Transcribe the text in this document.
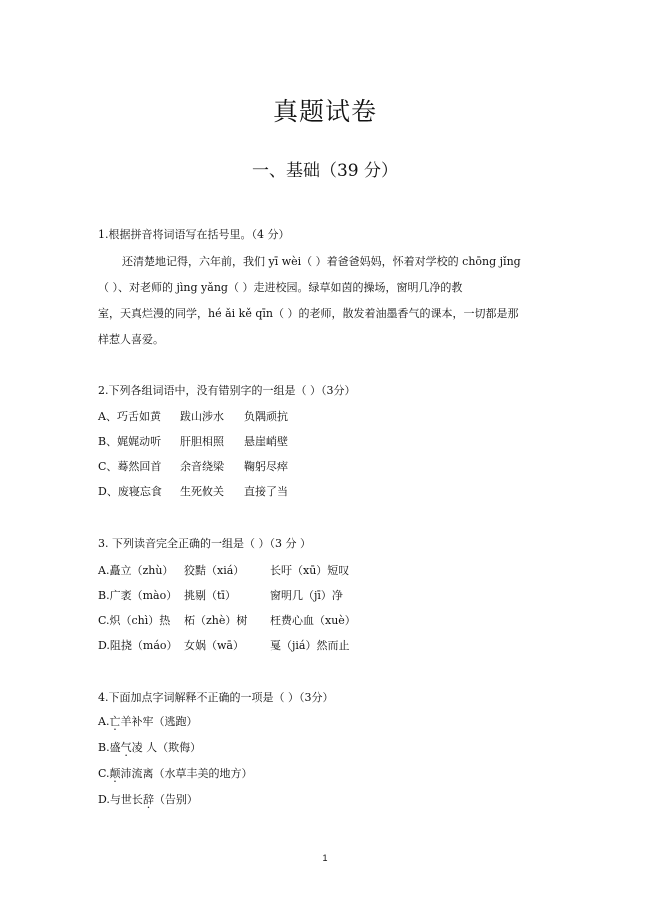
真题试卷
一、基础（39 分）
1.根据拼音将词语写在括号里。（4 分）
还清楚地记得，六年前，我们 yī wèi（ ）着爸爸妈妈，怀着对学校的 chōng jǐng
（ ）、对老师的 jìng yǎng（ ）走进校园。绿草如茵的操场，窗明几净的教
室，天真烂漫的同学，hé ǎi kě qīn（ ）的老师，散发着油墨香气的课本，一切都是那
样惹人喜爱。
2.下列各组词语中，没有错别字的一组是（ ）（3分）
A、巧舌如黄 跋山涉水 负隅顽抗
B、娓娓动听 肝胆相照 悬崖峭壁
C、蓦然回首 余音绕梁 鞠躬尽瘁
D、废寝忘食 生死攸关 直接了当
3. 下列读音完全正确的一组是（ ）（3 分 ）
A.矗立（zhù） 狡黠（xiá） 长吁（xū）短叹
B.广袤（mào） 挑剔（tī）	窗明几（jī）净
C.炽（chì）热 柘（zhè）树 枉费心血（xuè）
D.阻挠（máo） 女娲（wā） 戛（jiá）然而止
4.下面加点字词解释不正确的一项是（ ）（3分）
A.亡羊补牢（逃跑）
B.盛气凌 人（欺侮）
C.颠沛流离（水草丰美的地方）
D.与世长辞（告别）
1
